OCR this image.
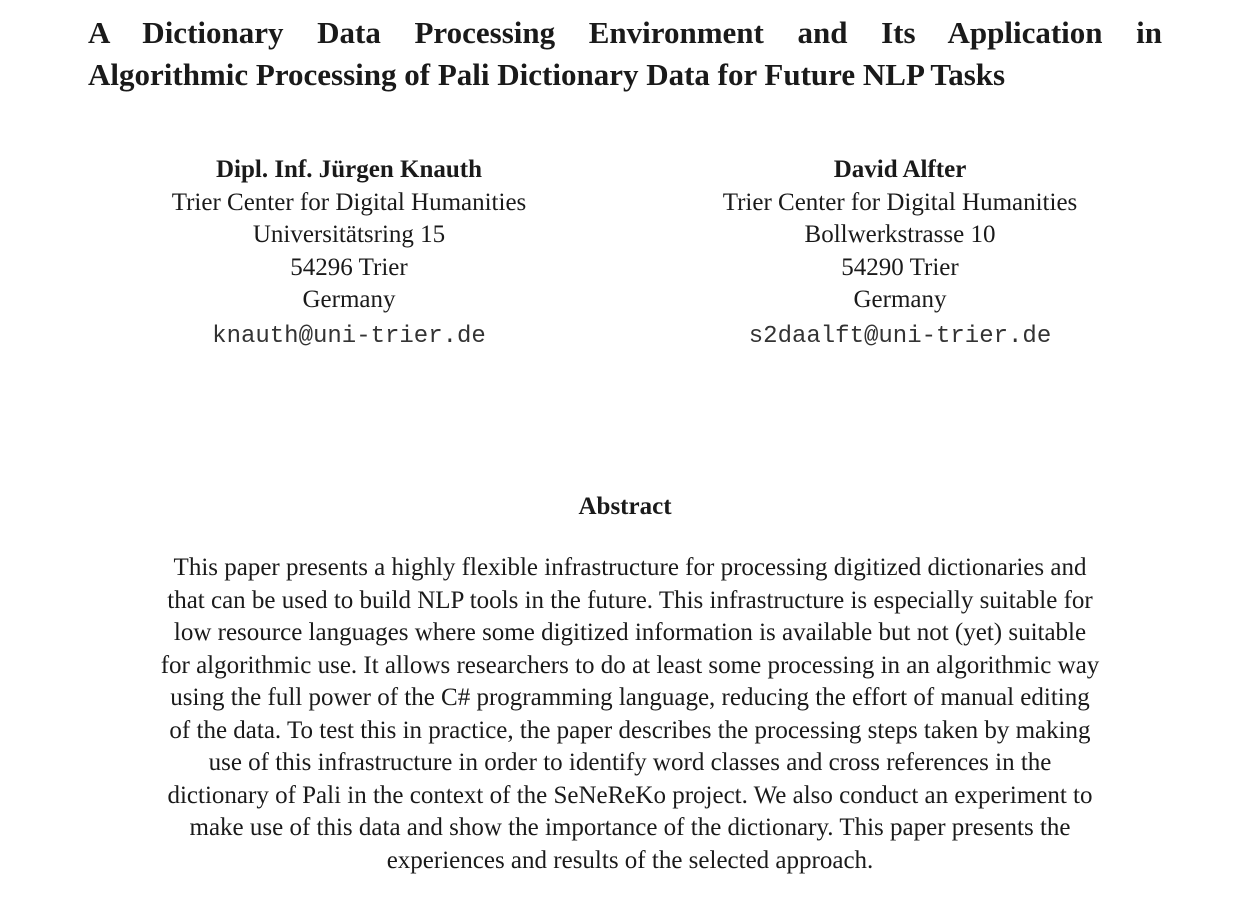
A Dictionary Data Processing Environment and Its Application in
Algorithmic Processing of Pali Dictionary Data for Future NLP Tasks
Dipl. Inf. Jürgen Knauth
Trier Center for Digital Humanities
Universitätsring 15
54296 Trier
Germany
knauth@uni-trier.de
David Alfter
Trier Center for Digital Humanities
Bollwerkstrasse 10
54290 Trier
Germany
s2daalft@uni-trier.de
Abstract
This paper presents a highly flexible infrastructure for processing digitized dictionaries and
that can be used to build NLP tools in the future. This infrastructure is especially suitable for
low resource languages where some digitized information is available but not (yet) suitable
for algorithmic use. It allows researchers to do at least some processing in an algorithmic way
using the full power of the C# programming language, reducing the effort of manual editing
of the data. To test this in practice, the paper describes the processing steps taken by making
use of this infrastructure in order to identify word classes and cross references in the
dictionary of Pali in the context of the SeNeReKo project. We also conduct an experiment to
make use of this data and show the importance of the dictionary. This paper presents the
experiences and results of the selected approach.
